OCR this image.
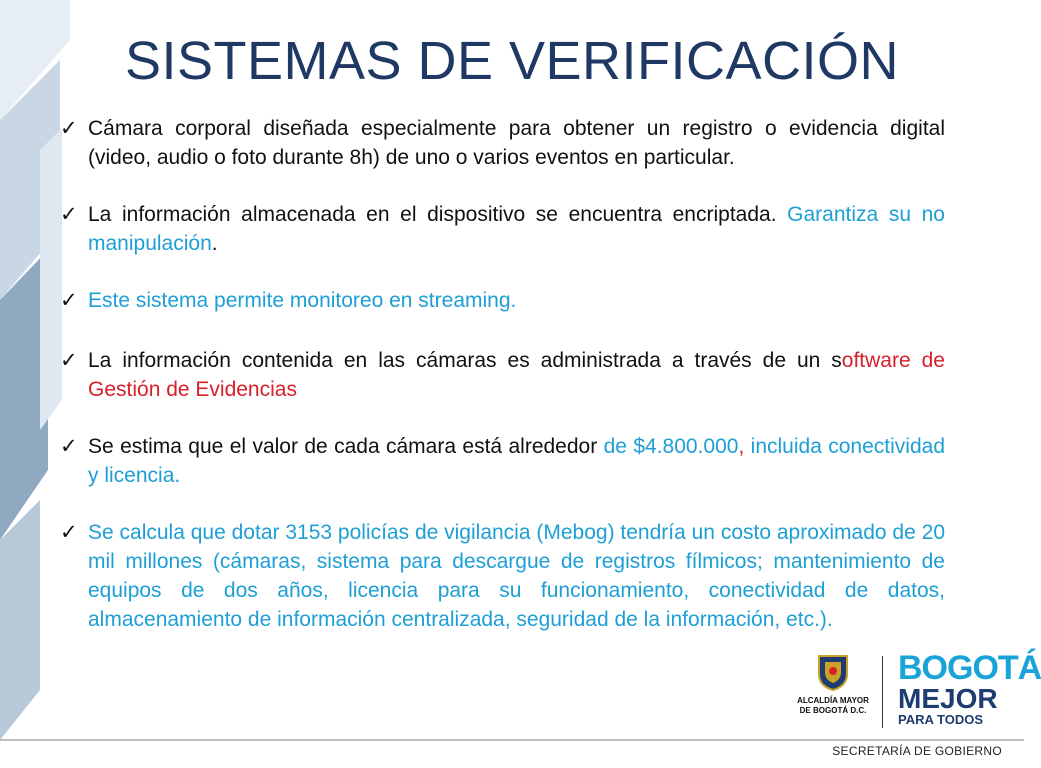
SISTEMAS DE VERIFICACIÓN
✓ Cámara corporal diseñada especialmente para obtener un registro o evidencia digital (video, audio o foto durante 8h) de uno o varios eventos en particular.
✓ La información almacenada en el dispositivo se encuentra encriptada. Garantiza su no manipulación.
✓ Este sistema permite monitoreo en streaming.
✓ La información contenida en las cámaras es administrada a través de un software de Gestión de Evidencias
✓ Se estima que el valor de cada cámara está alrededor de $4.800.000, incluida conectividad y licencia.
✓ Se calcula que dotar 3153 policías de vigilancia (Mebog) tendría un costo aproximado de 20 mil millones (cámaras, sistema para descargue de registros fílmicos; mantenimiento de equipos de dos años, licencia para su funcionamiento, conectividad de datos, almacenamiento de información centralizada, seguridad de la información, etc.).
ALCALDÍA MAYOR
DE BOGOTÁ D.C.
BOGOTÁ
MEJOR
PARA TODOS
SECRETARÍA DE GOBIERNO
